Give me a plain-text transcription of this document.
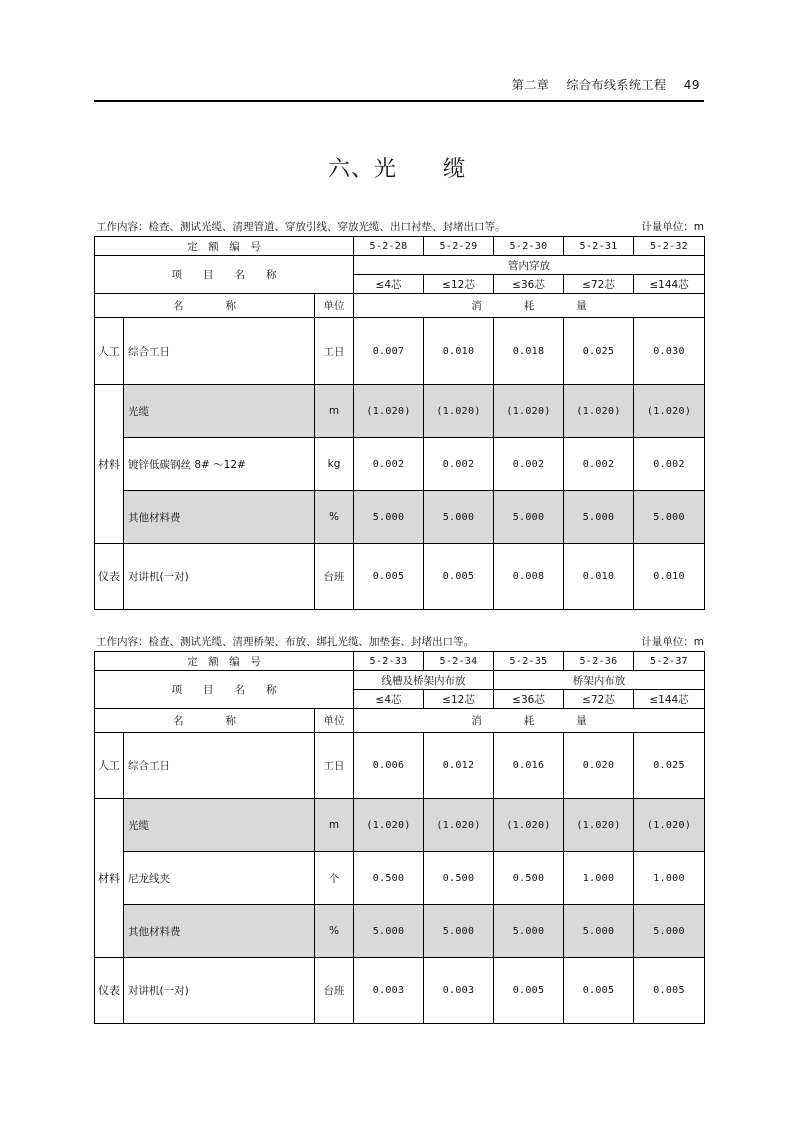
第二章    综合布线系统工程    49
六、光　　缆
工作内容：检查、测试光缆、清理管道、穿放引线、穿放光缆、出口衬垫、封堵出口等。	计量单位：m
定　额　编　号			5-2-28	5-2-29	5-2-30	5-2-31	5-2-32
项　　目　　名　　称			管内穿放				
			≤4芯	≤12芯	≤36芯	≤72芯	≤144芯
名　　　　称		单位	消　　　　耗　　　　量				
人工	综合工日	工日	0.007	0.010	0.018	0.025	0.030
材料	光缆	m	(1.020)	(1.020)	(1.020)	(1.020)	(1.020)
	镀锌低碳钢丝 8# ～12#	kg	0.002	0.002	0.002	0.002	0.002
	其他材料费	%	5.000	5.000	5.000	5.000	5.000
仪表	对讲机(一对)	台班	0.005	0.005	0.008	0.010	0.010
工作内容：检查、测试光缆、清理桥架、布放、绑扎光缆、加垫套、封堵出口等。	计量单位：m
定　额　编　号			5-2-33	5-2-34	5-2-35	5-2-36	5-2-37
项　　目　　名　　称			线槽及桥架内布放		桥架内布放		
			≤4芯	≤12芯	≤36芯	≤72芯	≤144芯
名　　　　称		单位	消　　　　耗　　　　量				
人工	综合工日	工日	0.006	0.012	0.016	0.020	0.025
材料	光缆	m	(1.020)	(1.020)	(1.020)	(1.020)	(1.020)
	尼龙线夹	个	0.500	0.500	0.500	1.000	1.000
	其他材料费	%	5.000	5.000	5.000	5.000	5.000
仪表	对讲机(一对)	台班	0.003	0.003	0.005	0.005	0.005
